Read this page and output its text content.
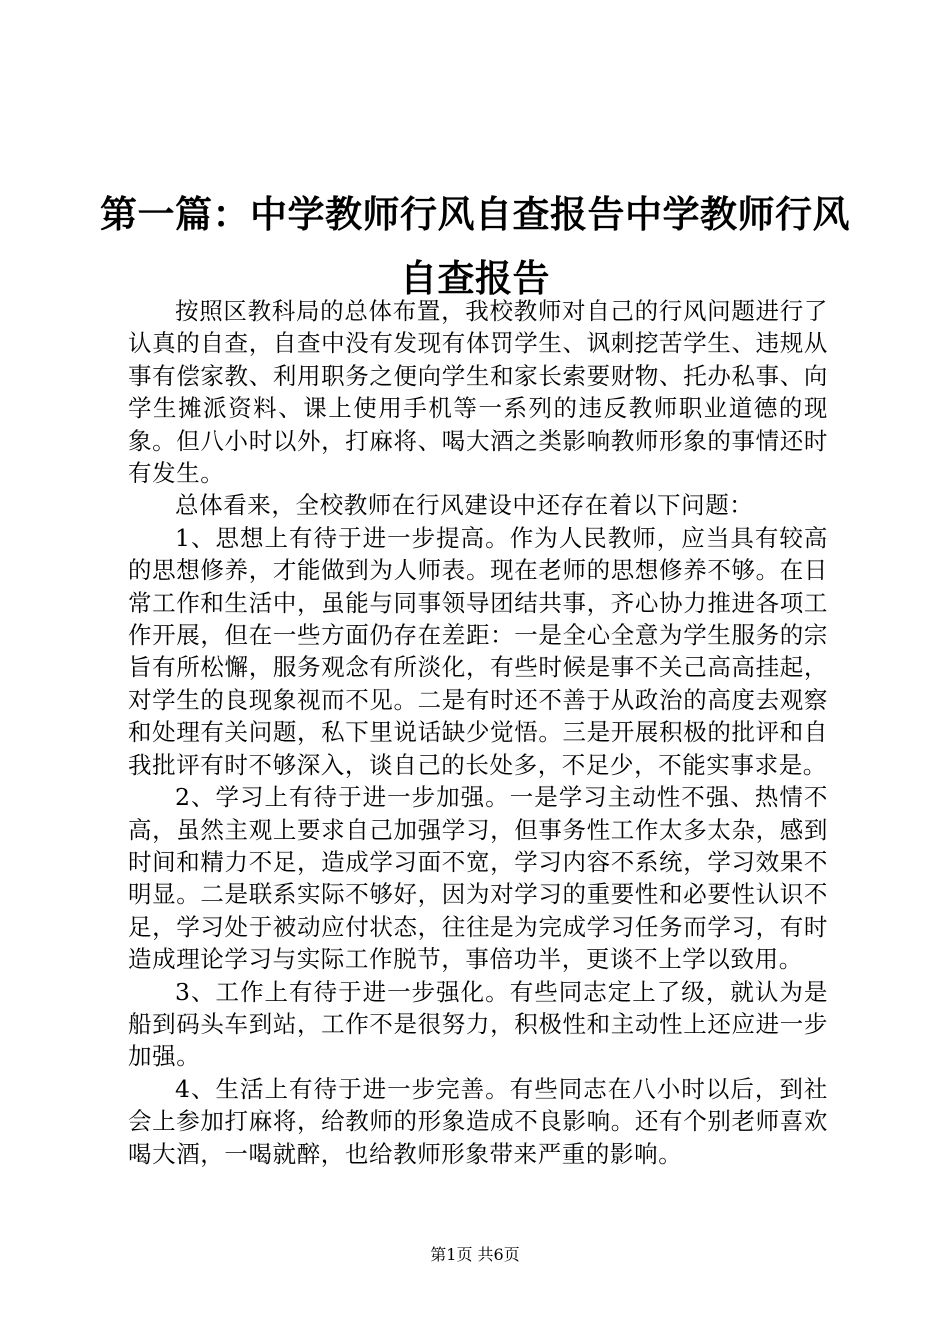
第一篇：中学教师行风自查报告中学教师行风自查报告

按照区教科局的总体布置，我校教师对自己的行风问题进行了认真的自查，自查中没有发现有体罚学生、讽刺挖苦学生、违规从事有偿家教、利用职务之便向学生和家长索要财物、托办私事、向学生摊派资料、课上使用手机等一系列的违反教师职业道德的现象。但八小时以外，打麻将、喝大酒之类影响教师形象的事情还时有发生。

总体看来，全校教师在行风建设中还存在着以下问题：

1、思想上有待于进一步提高。作为人民教师，应当具有较高的思想修养，才能做到为人师表。现在老师的思想修养不够。在日常工作和生活中，虽能与同事领导团结共事，齐心协力推进各项工作开展，但在一些方面仍存在差距：一是全心全意为学生服务的宗旨有所松懈，服务观念有所淡化，有些时候是事不关己高高挂起，对学生的良现象视而不见。二是有时还不善于从政治的高度去观察和处理有关问题，私下里说话缺少觉悟。三是开展积极的批评和自我批评有时不够深入，谈自己的长处多，不足少，不能实事求是。

2、学习上有待于进一步加强。一是学习主动性不强、热情不高，虽然主观上要求自己加强学习，但事务性工作太多太杂，感到时间和精力不足，造成学习面不宽，学习内容不系统，学习效果不明显。二是联系实际不够好，因为对学习的重要性和必要性认识不足，学习处于被动应付状态，往往是为完成学习任务而学习，有时造成理论学习与实际工作脱节，事倍功半，更谈不上学以致用。

3、工作上有待于进一步强化。有些同志定上了级，就认为是船到码头车到站，工作不是很努力，积极性和主动性上还应进一步加强。

4、生活上有待于进一步完善。有些同志在八小时以后，到社会上参加打麻将，给教师的形象造成不良影响。还有个别老师喜欢喝大酒，一喝就醉，也给教师形象带来严重的影响。

第1页 共6页
